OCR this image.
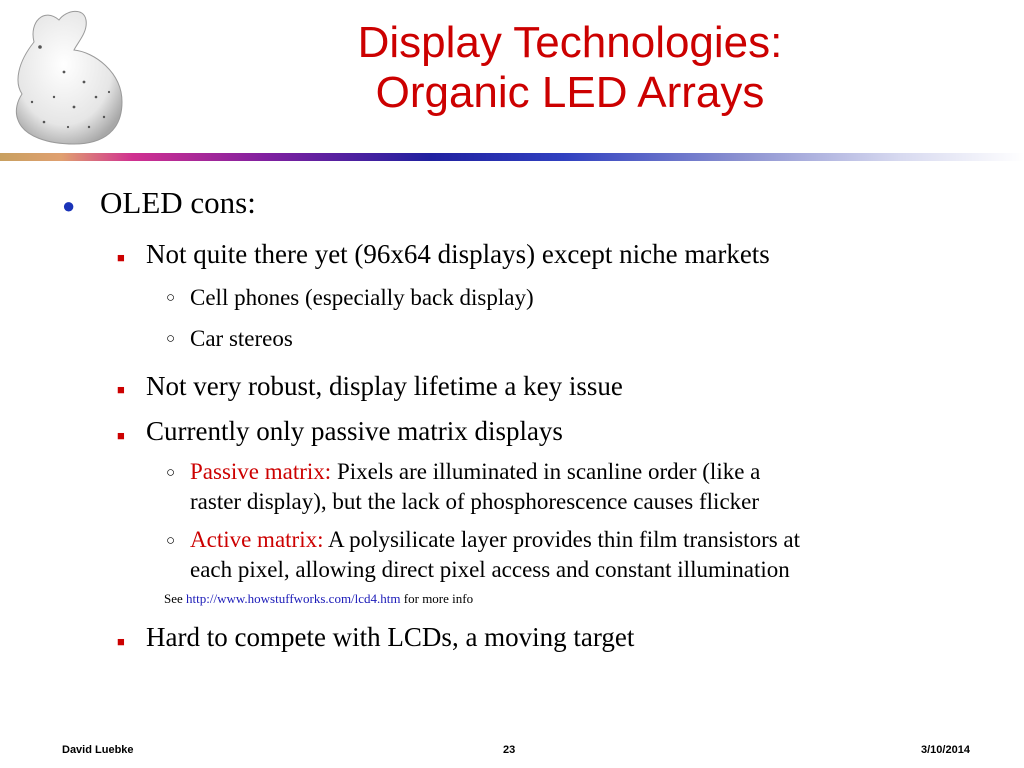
Display Technologies:
Organic LED Arrays
● OLED cons:
■ Not quite there yet (96x64 displays) except niche markets
○ Cell phones (especially back display)
○ Car stereos
■ Not very robust, display lifetime a key issue
■ Currently only passive matrix displays
○ Passive matrix: Pixels are illuminated in scanline order (like a
raster display), but the lack of phosphorescence causes flicker
○ Active matrix: A polysilicate layer provides thin film transistors at
each pixel, allowing direct pixel access and constant illumination
See http://www.howstuffworks.com/lcd4.htm for more info
■ Hard to compete with LCDs, a moving target
David Luebke	23	3/10/2014
